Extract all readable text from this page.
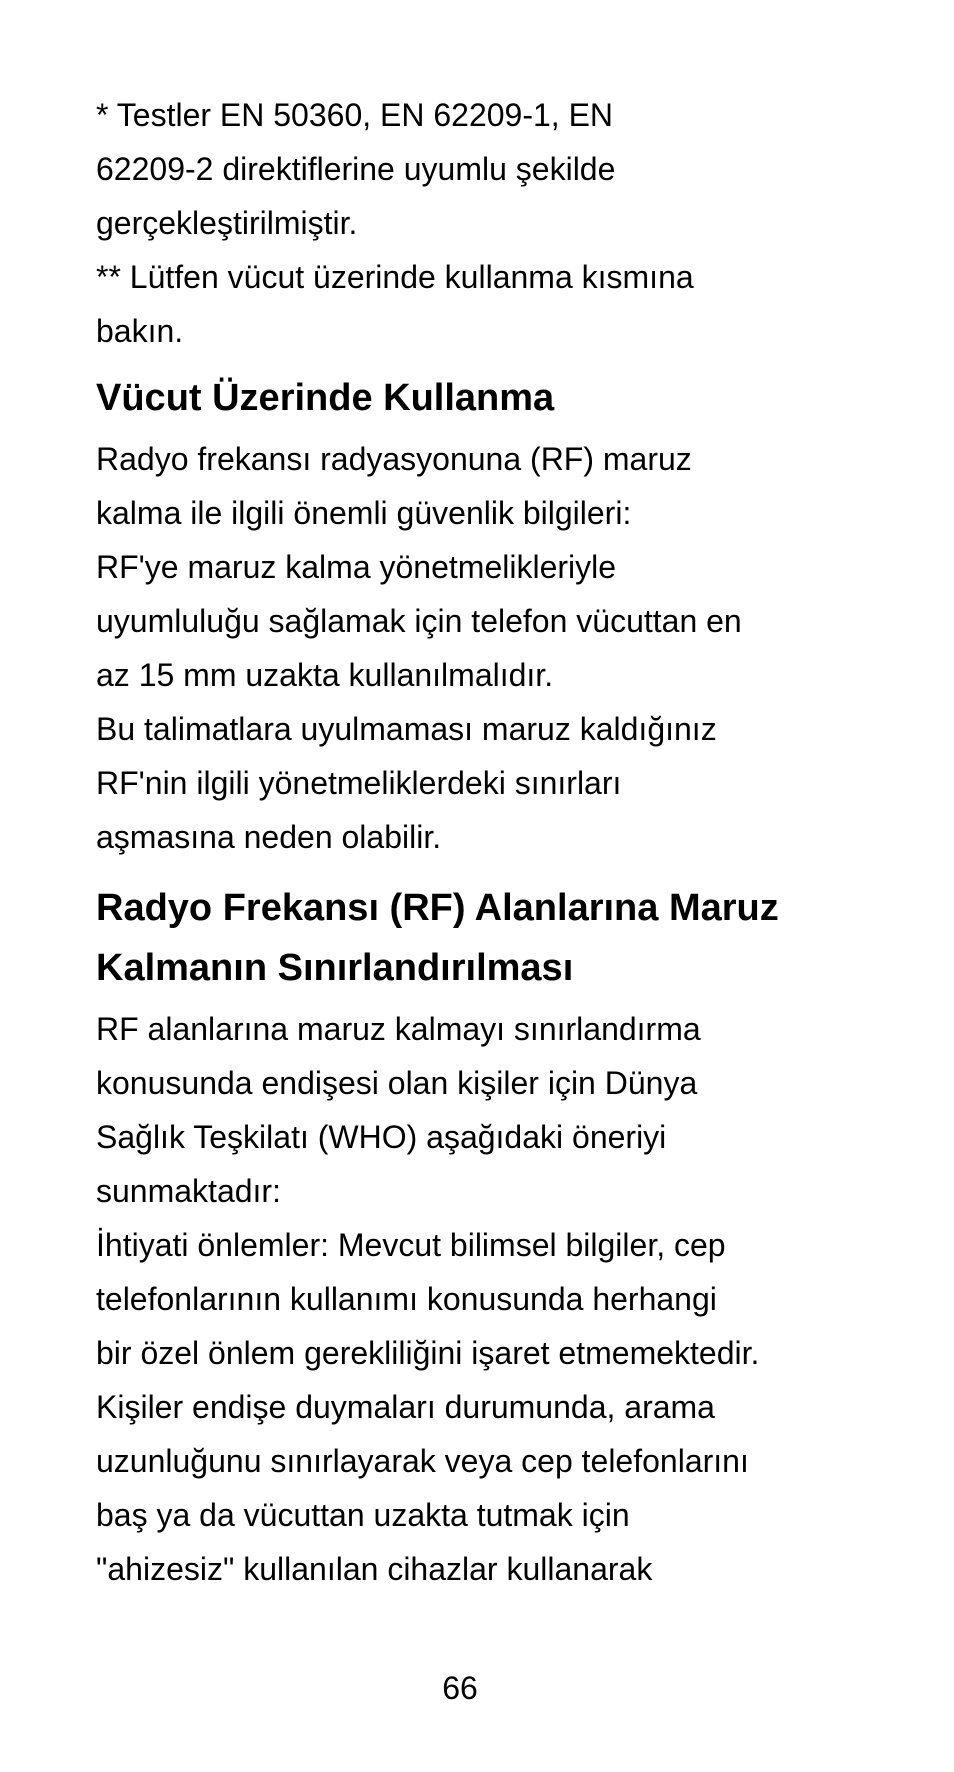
* Testler EN 50360, EN 62209-1, EN

62209-2 direktiflerine uyumlu şekilde

gerçekleştirilmiştir.

** Lütfen vücut üzerinde kullanma kısmına

bakın.

Vücut Üzerinde Kullanma

Radyo frekansı radyasyonuna (RF) maruz

kalma ile ilgili önemli güvenlik bilgileri:

RF'ye maruz kalma yönetmelikleriyle

uyumluluğu sağlamak için telefon vücuttan en

az 15 mm uzakta kullanılmalıdır.

Bu talimatlara uyulmaması maruz kaldığınız

RF'nin ilgili yönetmeliklerdeki sınırları

aşmasına neden olabilir.

Radyo Frekansı (RF) Alanlarına Maruz
Kalmanın Sınırlandırılması

RF alanlarına maruz kalmayı sınırlandırma

konusunda endişesi olan kişiler için Dünya

Sağlık Teşkilatı (WHO) aşağıdaki öneriyi

sunmaktadır:

İhtiyati önlemler: Mevcut bilimsel bilgiler, cep

telefonlarının kullanımı konusunda herhangi

bir özel önlem gerekliliğini işaret etmemektedir.

Kişiler endişe duymaları durumunda, arama

uzunluğunu sınırlayarak veya cep telefonlarını

baş ya da vücuttan uzakta tutmak için

"ahizesiz" kullanılan cihazlar kullanarak

66
